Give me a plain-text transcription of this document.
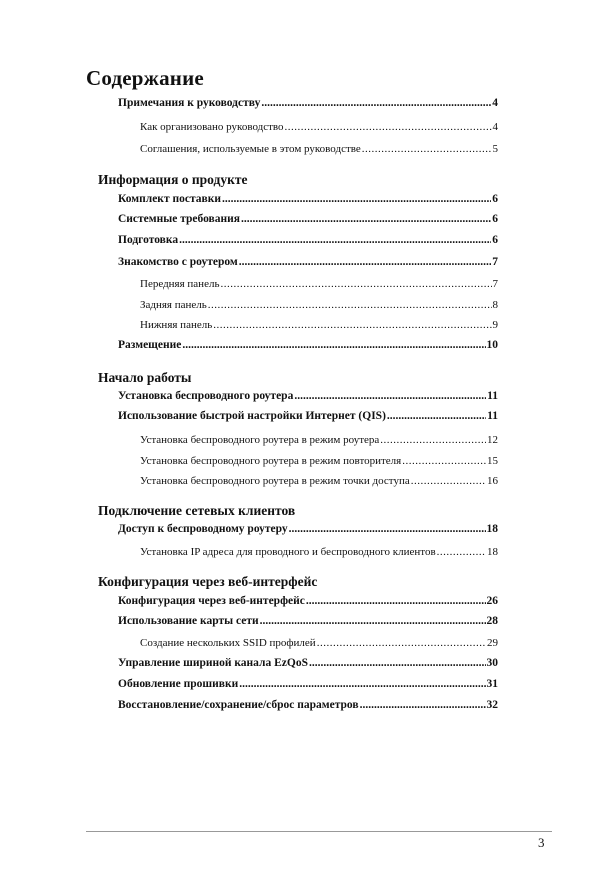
Содержание
Примечания к руководству .....	4
Как организовано руководство .....	4
Соглашения, используемые в этом руководстве .....	5
Информация о продукте
Комплект поставки .....	6
Системные требования .....	6
Подготовка .....	6
Знакомство с роутером .....	7
Передняя панель .....	7
Задняя панель .....	8
Нижняя панель .....	9
Размещение .....	10
Начало работы
Установка беспроводного роутера .....	11
Использование быстрой настройки Интернет (QIS) .....	11
Установка беспроводного роутера в режим роутера .....	12
Установка беспроводного роутера в режим повторителя .....	15
Установка беспроводного роутера в режим точки доступа .....	16
Подключение сетевых клиентов
Доступ к беспроводному роутеру .....	18
Установка IP адреса для проводного и беспроводного клиентов .....	18
Конфигурация через веб-интерфейс
Конфигурация через веб-интерфейс .....	26
Использование карты сети .....	28
Создание нескольких SSID профилей .....	29
Управление шириной канала EzQoS .....	30
Обновление прошивки .....	31
Восстановление/сохранение/сброс параметров .....	32
3
